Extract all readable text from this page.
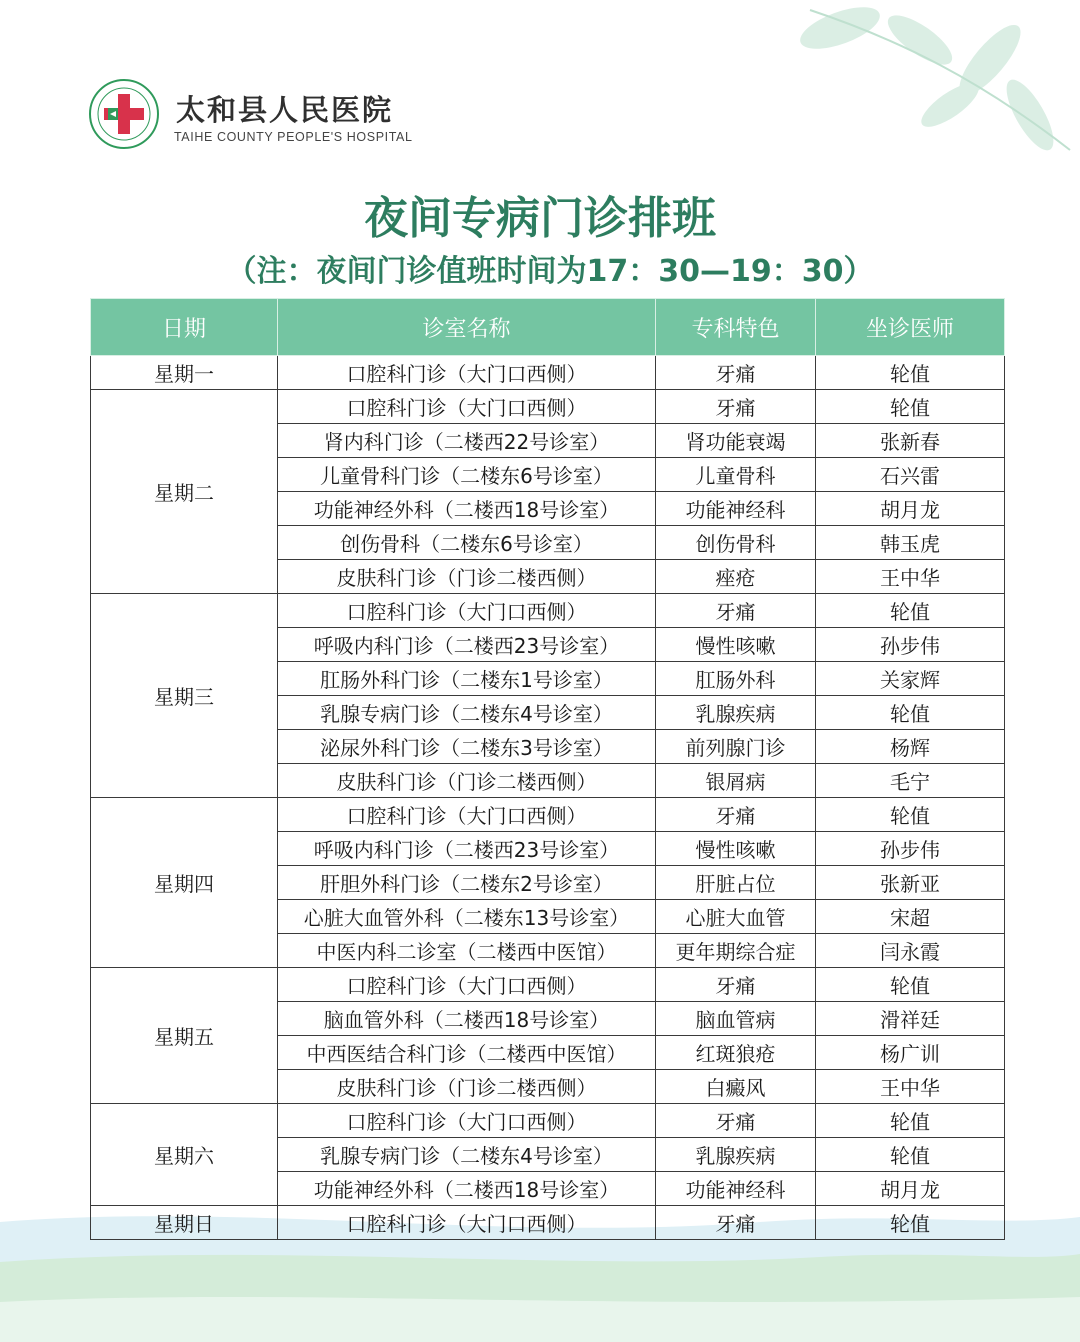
太和县人民医院
TAIHE COUNTY PEOPLE'S HOSPITAL
夜间专病门诊排班
（注：夜间门诊值班时间为17：30—19：30）
日期	诊室名称	专科特色	坐诊医师
星期一	口腔科门诊（大门口西侧）	牙痛	轮值
星期二	口腔科门诊（大门口西侧）	牙痛	轮值
	肾内科门诊（二楼西22号诊室）	肾功能衰竭	张新春
	儿童骨科门诊（二楼东6号诊室）	儿童骨科	石兴雷
	功能神经外科（二楼西18号诊室）	功能神经科	胡月龙
	创伤骨科（二楼东6号诊室）	创伤骨科	韩玉虎
	皮肤科门诊（门诊二楼西侧）	痤疮	王中华
星期三	口腔科门诊（大门口西侧）	牙痛	轮值
	呼吸内科门诊（二楼西23号诊室）	慢性咳嗽	孙步伟
	肛肠外科门诊（二楼东1号诊室）	肛肠外科	关家辉
	乳腺专病门诊（二楼东4号诊室）	乳腺疾病	轮值
	泌尿外科门诊（二楼东3号诊室）	前列腺门诊	杨辉
	皮肤科门诊（门诊二楼西侧）	银屑病	毛宁
星期四	口腔科门诊（大门口西侧）	牙痛	轮值
	呼吸内科门诊（二楼西23号诊室）	慢性咳嗽	孙步伟
	肝胆外科门诊（二楼东2号诊室）	肝脏占位	张新亚
	心脏大血管外科（二楼东13号诊室）	心脏大血管	宋超
	中医内科二诊室（二楼西中医馆）	更年期综合症	闫永霞
星期五	口腔科门诊（大门口西侧）	牙痛	轮值
	脑血管外科（二楼西18号诊室）	脑血管病	滑祥廷
	中西医结合科门诊（二楼西中医馆）	红斑狼疮	杨广训
	皮肤科门诊（门诊二楼西侧）	白癜风	王中华
星期六	口腔科门诊（大门口西侧）	牙痛	轮值
	乳腺专病门诊（二楼东4号诊室）	乳腺疾病	轮值
	功能神经外科（二楼西18号诊室）	功能神经科	胡月龙
星期日	口腔科门诊（大门口西侧）	牙痛	轮值
